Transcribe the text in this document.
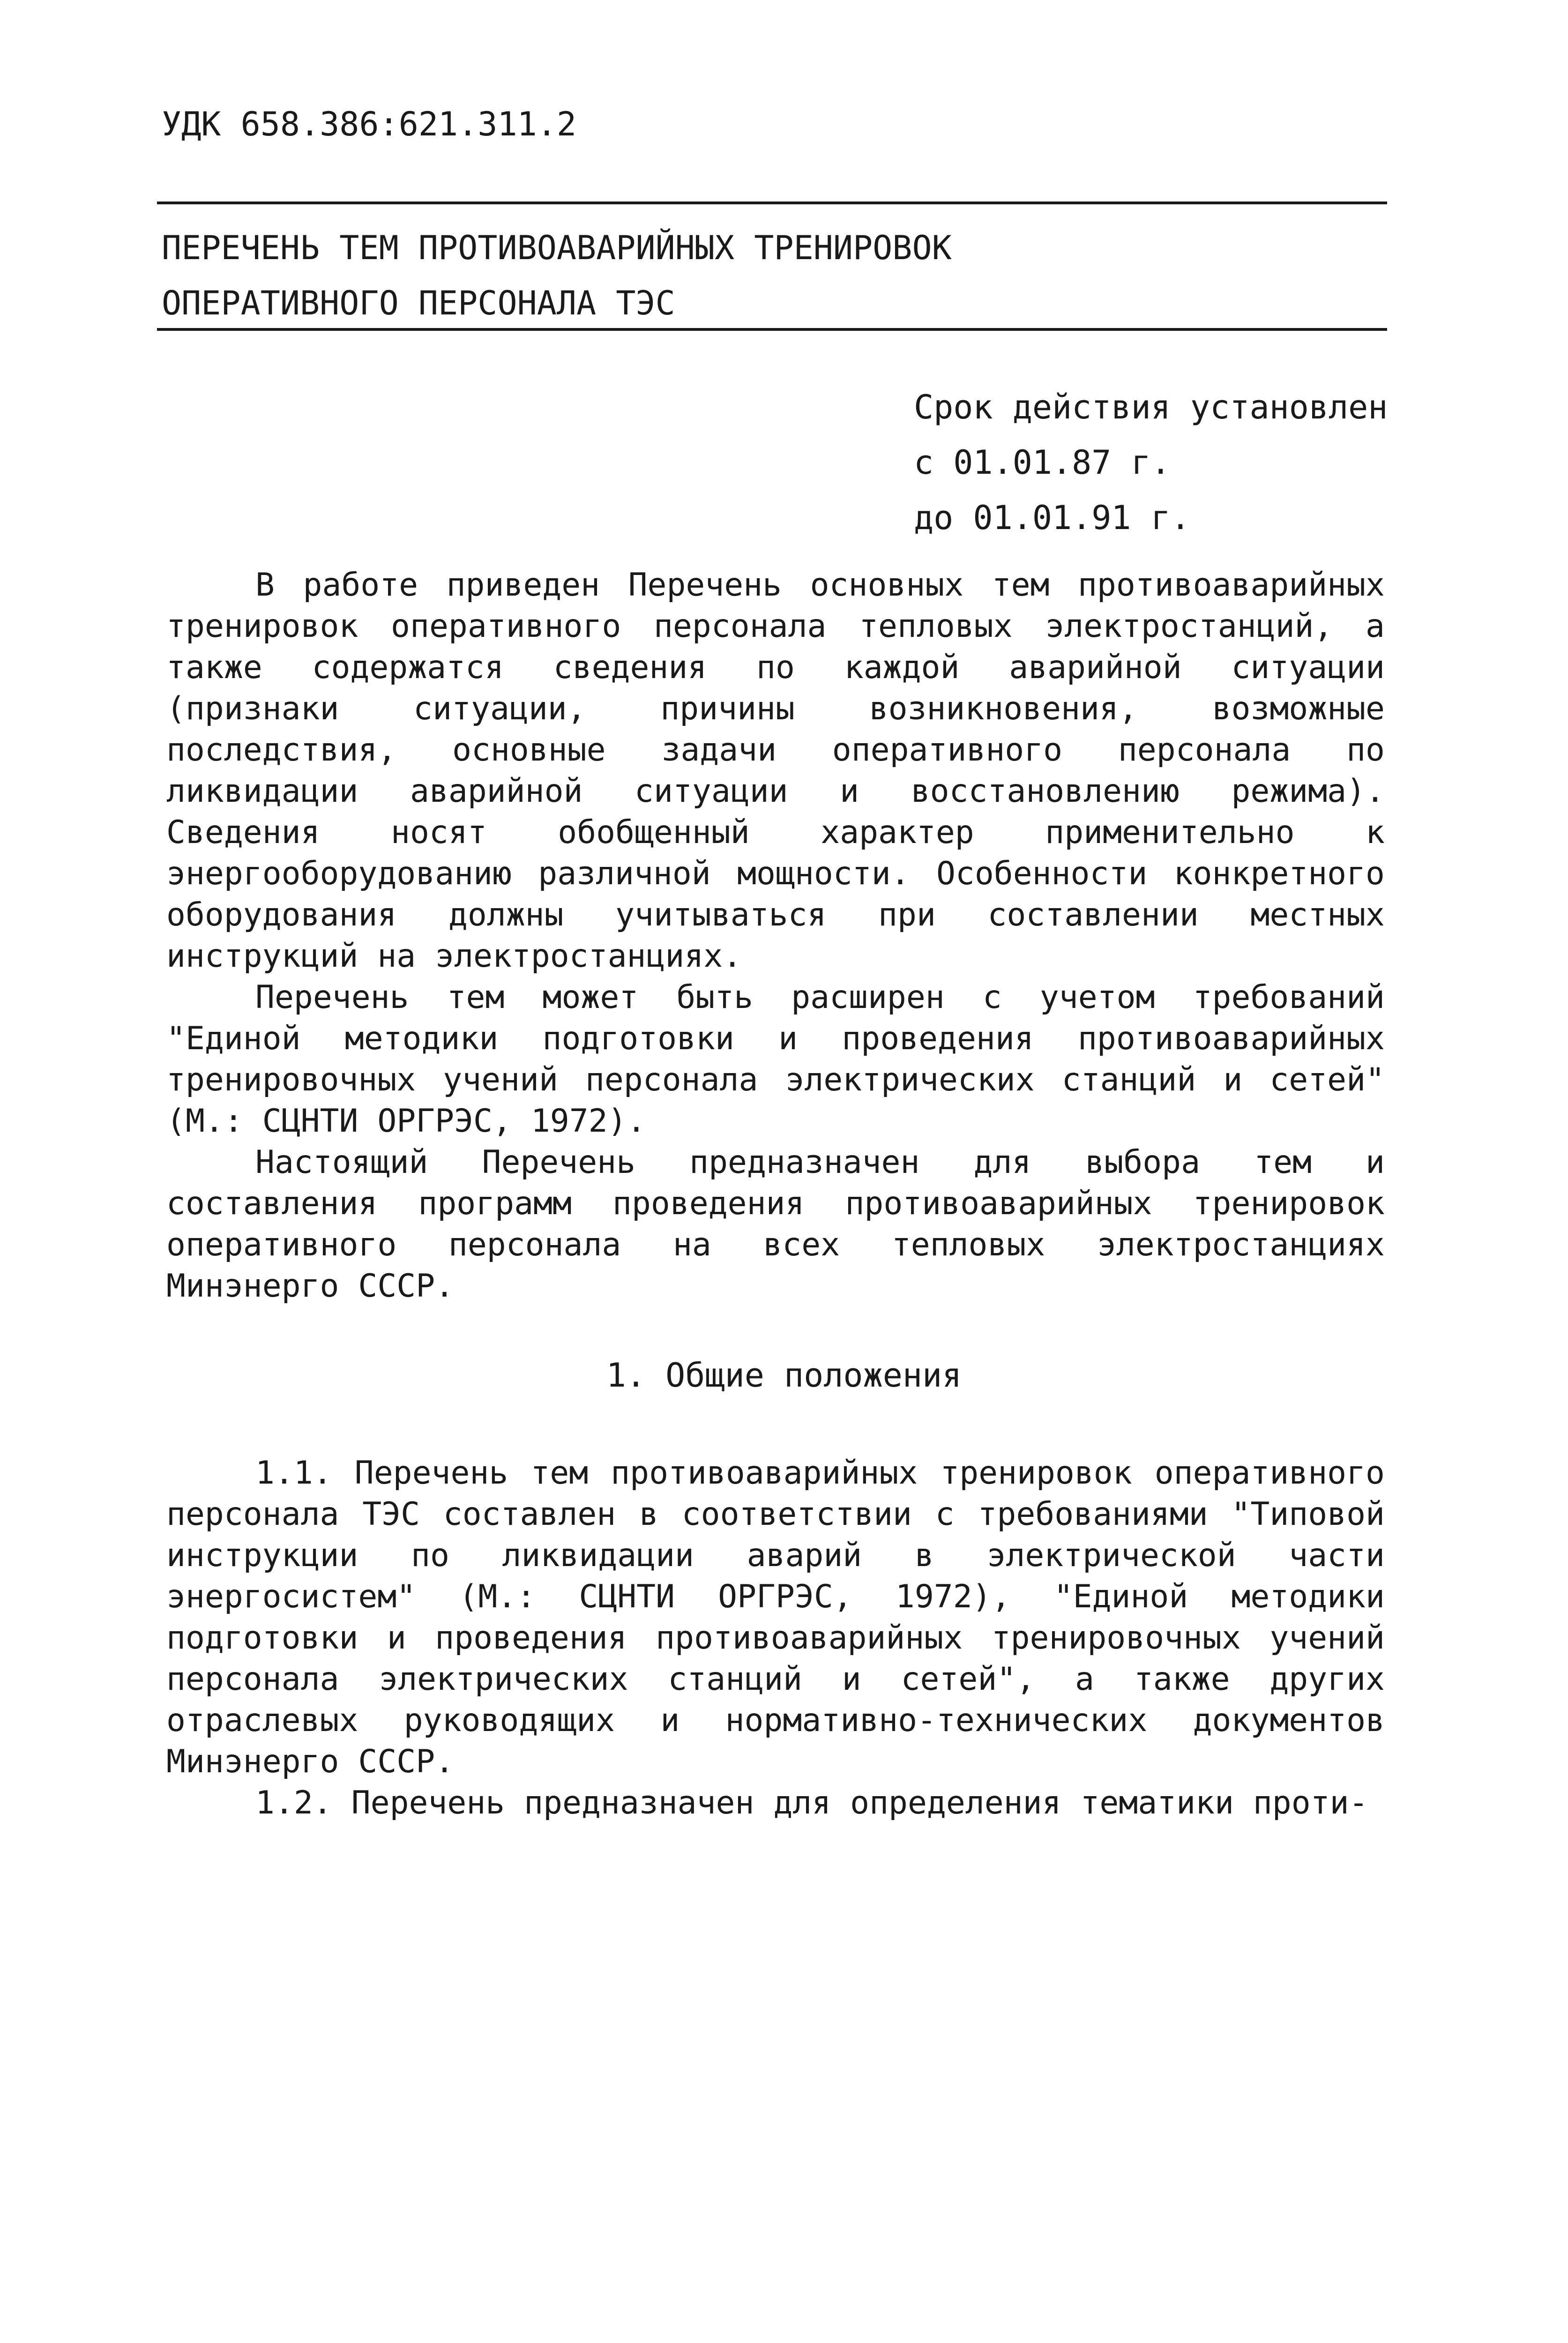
УДК 658.386:621.311.2
ПЕРЕЧЕНЬ ТЕМ ПРОТИВОАВАРИЙНЫХ ТРЕНИРОВОК
ОПЕРАТИВНОГО ПЕРСОНАЛА ТЭС
Срок действия установлен
с 01.01.87 г.
до 01.01.91 г.

В работе приведен Перечень основных тем противоаварийных тренировок оперативного персонала тепловых электростанций, а также содержатся сведения по каждой аварийной ситуации (признаки ситуации, причины возникновения, возможные последствия, основные задачи оперативного персонала по ликвидации аварийной ситуации и восстановлению режима). Сведения носят обобщенный характер применительно к энергооборудованию различной мощности. Особенности конкретного оборудования должны учитываться при составлении местных инструкций на электростанциях.

Перечень тем может быть расширен с учетом требований "Единой методики подготовки и проведения противоаварийных тренировочных учений персонала электрических станций и сетей" (М.: СЦНТИ ОРГРЭС, 1972).

Настоящий Перечень предназначен для выбора тем и составления программ проведения противоаварийных тренировок оперативного персонала на всех тепловых электростанциях Минэнерго СССР.

1. Общие положения

1.1. Перечень тем противоаварийных тренировок оперативного персонала ТЭС составлен в соответствии с требованиями "Типовой инструкции по ликвидации аварий в электрической части энергосистем" (М.: СЦНТИ ОРГРЭС, 1972), "Единой методики подготовки и проведения противоаварийных тренировочных учений персонала электрических станций и сетей", а также других отраслевых руководящих и нормативно-технических документов Минэнерго СССР.

1.2. Перечень предназначен для определения тематики проти-
